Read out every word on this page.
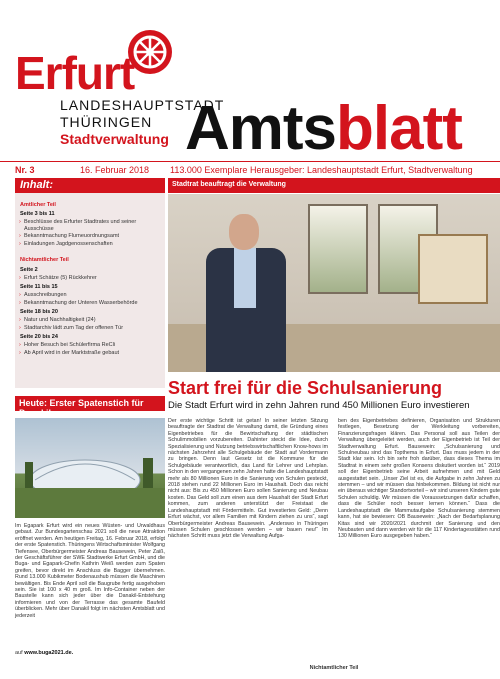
Erfurt
LANDESHAUPTSTADT
THÜRINGEN
Stadtverwaltung Amtsblatt
Nr. 3	16. Februar 2018 113.000 Exemplare Herausgeber: Landeshauptstadt Erfurt, Stadtverwaltung
Inhalt:
Amtlicher Teil
Seite 3 bis 11
› Beschlüsse des Erfurter Stadtrates und seiner Ausschüsse
› Bekanntmachung Flurneuordnungsamt
› Einladungen Jagdgenossenschaften
Nichtamtlicher Teil
Seite 2
› Erfurt Schätze (5) Rückkehrer
Seite 11 bis 15
› Ausschreibungen
› Bekanntmachung der Unteren Wasserbehörde
Seite 18 bis 20
› Natur und Nachhaltigkeit (24)
› Stadtarchiv lädt zum Tag der offenen Tür
Seite 20 bis 24
› Hoher Besuch bei Schülerfirma ReCli
› Ab April wird in der Marktstraße gebaut
Heute: Erster Spatenstich für Danakil
Im Egapark Erfurt wird ein neues Wüsten- und Urwaldhaus gebaut. Zur Bundesgartenschau 2021 soll die neue Attraktion eröffnet werden. Am heutigen Freitag, 16. Februar 2018, erfolgt der erste Spatenstich. Thüringens Wirtschaftsminister Wolfgang Tiefensee, Oberbürgermeister Andreas Bausewein, Peter Zaiß, der Geschäftsführer der SWE Stadtwerke Erfurt GmbH, und die Buga- und Egapark-Chefin Kathrin Weiß werden zum Spaten greifen, bevor direkt im Anschluss die Bagger übernehmen. Rund 13.000 Kubikmeter Bodenaushub müssen die Maschinen bewältigen. Bis Ende April soll die Baugrube fertig ausgehoben sein. Sie ist 100 x 40 m groß. Im Info-Container neben der Baustelle kann sich jeder über die Danakil-Entstehung informieren und von der Terrasse das gesamte Baufeld überblicken. Mehr über Danakil folgt im nächsten Amtsblatt und jederzeit
auf www.buga2021.de.
Stadtrat beauftragt die Verwaltung
Start frei für die Schulsanierung
Die Stadt Erfurt wird in zehn Jahren rund 450 Millionen Euro investieren
Der erste wichtige Schritt ist getan! In seiner letzten Sitzung beauftragte der Stadtrat die Verwaltung damit, die Gründung eines Eigenbetriebes für die Bewirtschaftung der städtischen Schulimmobilien vorzubereiten. Dahinter steckt die Idee, durch Spezialisierung und Nutzung betriebswirtschaftlichen Know-hows im nächsten Jahrzehnt alle Schulgebäude der Stadt auf Vordermann zu bringen. Denn laut Gesetz ist die Kommune für die Schulgebäude verantwortlich, das Land für Lehrer und Lehrplan. Schon in den vergangenen zehn Jahren hatte die Landeshauptstadt mehr als 80 Millionen Euro in die Sanierung von Schulen gesteckt, 2018 stehen rund 22 Millionen Euro im Haushalt. Doch das reicht nicht aus: Bis zu 450 Millionen Euro sollen Sanierung und Neubau kosten. Das Geld soll zum einen aus dem Haushalt der Stadt Erfurt kommen, zum anderen unterstützt der Freistaat die Landeshauptstadt mit Fördermitteln. Gut investiertes Geld: „Denn Erfurt wächst, vor allem Familien mit Kindern ziehen zu uns“, sagt Oberbürgermeister Andreas Bausewein. „Anderswo in Thüringen müssen Schulen geschlossen werden – wir bauen neu!“ Im nächsten Schritt muss jetzt die Verwaltung Aufga-
ben des Eigenbetriebes definieren, Organisation und Strukturen festlegen, Besetzung der Werkleitung vorbereiten, Finanzierungsfragen klären. Das Personal soll aus Teilen der Verwaltung übergeleitet werden, auch der Eigenbetrieb ist Teil der Stadtverwaltung Erfurt. Bausewein: „Schulsanierung und Schulneubau sind das Topthema in Erfurt. Das muss jedem in der Stadt klar sein. Ich bin sehr froh darüber, dass dieses Thema im Stadtrat in einem sehr großen Konsens diskutiert worden ist.“ 2019 soll der Eigenbetrieb seine Arbeit aufnehmen und mit Geld ausgestattet sein. „Unser Ziel ist es, die Aufgabe in zehn Jahren zu stemmen – und wir müssen das hinbekommen. Bildung ist nicht nur ein überaus wichtiger Standortvorteil – wir sind unseren Kindern gute Schulen schuldig. Wir müssen die Voraussetzungen dafür schaffen, dass die Schüler noch besser lernen können.“ Dass die Landeshauptstadt die Mammutaufgabe Schulsanierung stemmen kann, hat sie bewiesen: OB Bausewein: „Nach der Bedarfsplanung Kitas sind wir 2020/2021 durchmit der Sanierung und den Neubauten und dann werden wir für die 117 Kindertagesstätten rund 130 Millionen Euro ausgegeben haben.“
Nichtamtlicher Teil
